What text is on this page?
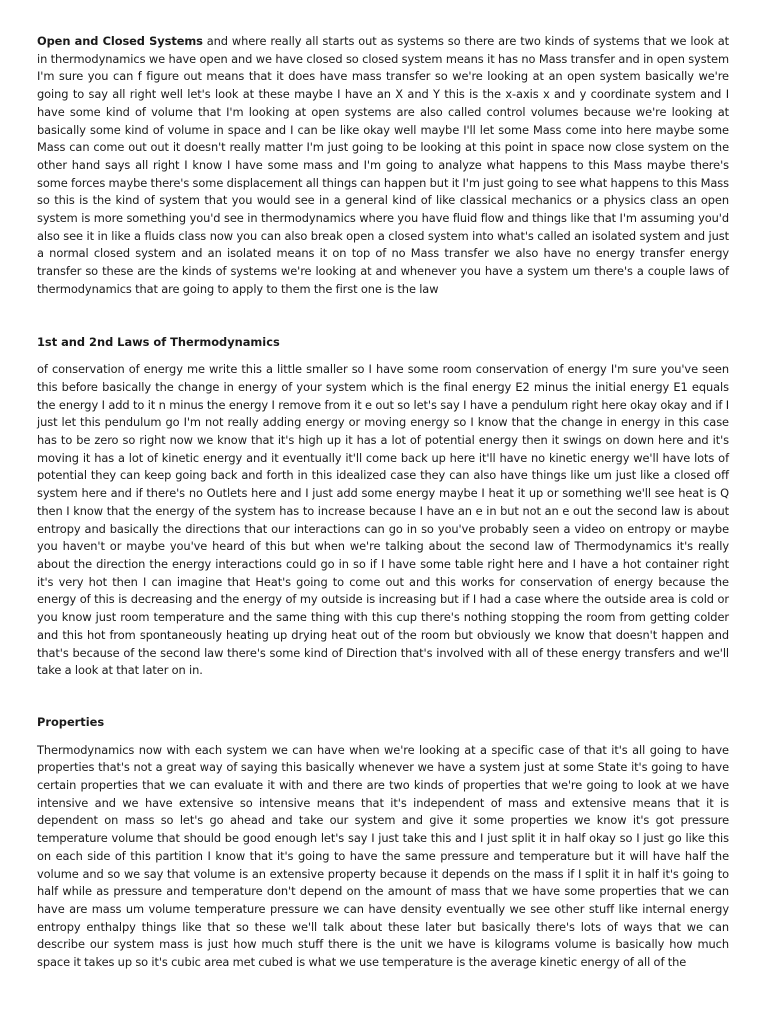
Open and Closed Systems and where really all starts out as systems so there are two kinds of systems that we look at in thermodynamics we have open and we have closed so closed system means it has no Mass transfer and in open system I'm sure you can f figure out means that it does have mass transfer so we're looking at an open system basically we're going to say all right well let's look at these maybe I have an X and Y this is the x-axis x and y coordinate system and I have some kind of volume that I'm looking at open systems are also called control volumes because we're looking at basically some kind of volume in space and I can be like okay well maybe I'll let some Mass come into here maybe some Mass can come out out it doesn't really matter I'm just going to be looking at this point in space now close system on the other hand says all right I know I have some mass and I'm going to analyze what happens to this Mass maybe there's some forces maybe there's some displacement all things can happen but it I'm just going to see what happens to this Mass so this is the kind of system that you would see in a general kind of like classical mechanics or a physics class an open system is more something you'd see in thermodynamics where you have fluid flow and things like that I'm assuming you'd also see it in like a fluids class now you can also break open a closed system into what's called an isolated system and just a normal closed system and an isolated means it on top of no Mass transfer we also have no energy transfer energy transfer so these are the kinds of systems we're looking at and whenever you have a system um there's a couple laws of thermodynamics that are going to apply to them the first one is the law

1st and 2nd Laws of Thermodynamics

of conservation of energy me write this a little smaller so I have some room conservation of energy I'm sure you've seen this before basically the change in energy of your system which is the final energy E2 minus the initial energy E1 equals the energy I add to it n minus the energy I remove from it e out so let's say I have a pendulum right here okay okay and if I just let this pendulum go I'm not really adding energy or moving energy so I know that the change in energy in this case has to be zero so right now we know that it's high up it has a lot of potential energy then it swings on down here and it's moving it has a lot of kinetic energy and it eventually it'll come back up here it'll have no kinetic energy we'll have lots of potential they can keep going back and forth in this idealized case they can also have things like um just like a closed off system here and if there's no Outlets here and I just add some energy maybe I heat it up or something we'll see heat is Q then I know that the energy of the system has to increase because I have an e in but not an e out the second law is about entropy and basically the directions that our interactions can go in so you've probably seen a video on entropy or maybe you haven't or maybe you've heard of this but when we're talking about the second law of Thermodynamics it's really about the direction the energy interactions could go in so if I have some table right here and I have a hot container right it's very hot then I can imagine that Heat's going to come out and this works for conservation of energy because the energy of this is decreasing and the energy of my outside is increasing but if I had a case where the outside area is cold or you know just room temperature and the same thing with this cup there's nothing stopping the room from getting colder and this hot from spontaneously heating up drying heat out of the room but obviously we know that doesn't happen and that's because of the second law there's some kind of Direction that's involved with all of these energy transfers and we'll take a look at that later on in.

Properties

Thermodynamics now with each system we can have when we're looking at a specific case of that it's all going to have properties that's not a great way of saying this basically whenever we have a system just at some State it's going to have certain properties that we can evaluate it with and there are two kinds of properties that we're going to look at we have intensive and we have extensive so intensive means that it's independent of mass and extensive means that it is dependent on mass so let's go ahead and take our system and give it some properties we know it's got pressure temperature volume that should be good enough let's say I just take this and I just split it in half okay so I just go like this on each side of this partition I know that it's going to have the same pressure and temperature but it will have half the volume and so we say that volume is an extensive property because it depends on the mass if I split it in half it's going to half while as pressure and temperature don't depend on the amount of mass that we have some properties that we can have are mass um volume temperature pressure we can have density eventually we see other stuff like internal energy entropy enthalpy things like that so these we'll talk about these later but basically there's lots of ways that we can describe our system mass is just how much stuff there is the unit we have is kilograms volume is basically how much space it takes up so it's cubic area met cubed is what we use temperature is the average kinetic energy of all of the
